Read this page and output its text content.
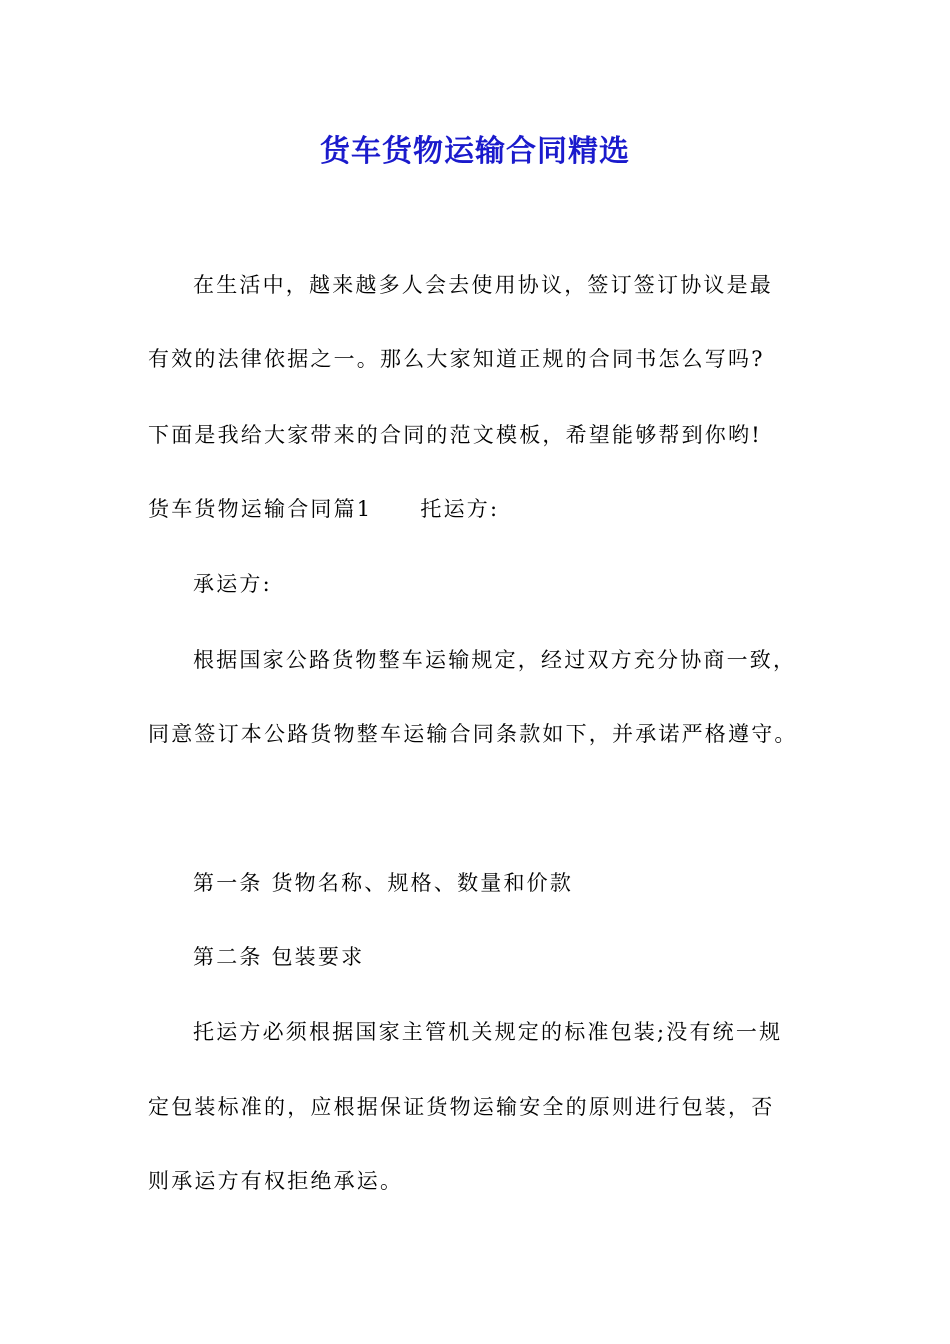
货车货物运输合同精选
在生活中，越来越多人会去使用协议，签订签订协议是最
有效的法律依据之一。那么大家知道正规的合同书怎么写吗?
下面是我给大家带来的合同的范文模板，希望能够帮到你哟!
货车货物运输合同篇1 托运方:
承运方:
根据国家公路货物整车运输规定，经过双方充分协商一致，
同意签订本公路货物整车运输合同条款如下，并承诺严格遵守。
第一条 货物名称、规格、数量和价款
第二条 包装要求
托运方必须根据国家主管机关规定的标准包装;没有统一规
定包装标准的，应根据保证货物运输安全的原则进行包装，否
则承运方有权拒绝承运。
